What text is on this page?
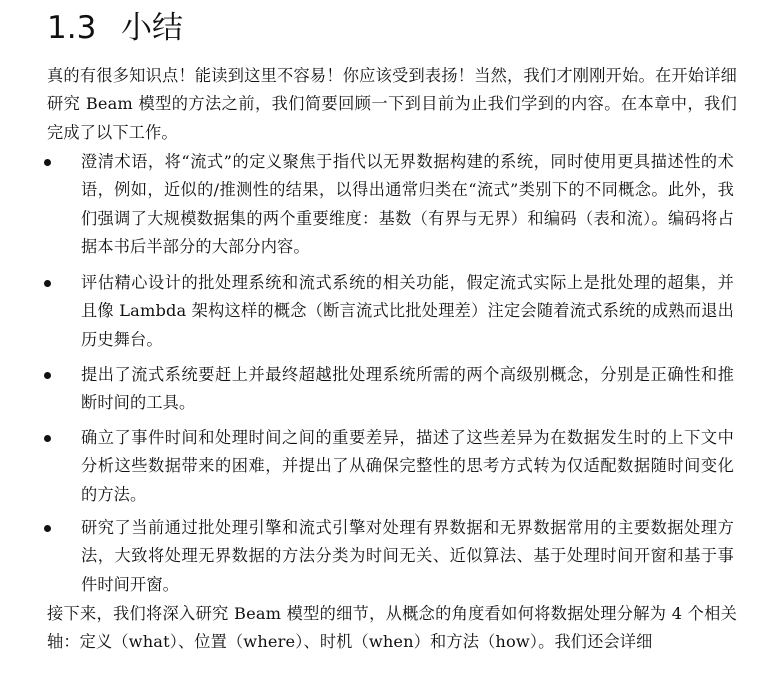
1.3 小结

真的有很多知识点！能读到这里不容易！你应该受到表扬！当然，我们才刚刚开始。在开始详细研究 Beam 模型的方法之前，我们简要回顾一下到目前为止我们学到的内容。在本章中，我们完成了以下工作。

澄清术语，将“流式”的定义聚焦于指代以无界数据构建的系统，同时使用更具描述性的术语，例如，近似的/推测性的结果，以得出通常归类在“流式”类别下的不同概念。此外，我们强调了大规模数据集的两个重要维度：基数（有界与无界）和编码（表和流）。编码将占据本书后半部分的大部分内容。

评估精心设计的批处理系统和流式系统的相关功能，假定流式实际上是批处理的超集，并且像 Lambda 架构这样的概念（断言流式比批处理差）注定会随着流式系统的成熟而退出历史舞台。

提出了流式系统要赶上并最终超越批处理系统所需的两个高级别概念，分别是正确性和推断时间的工具。

确立了事件时间和处理时间之间的重要差异，描述了这些差异为在数据发生时的上下文中分析这些数据带来的困难，并提出了从确保完整性的思考方式转为仅适配数据随时间变化的方法。

研究了当前通过批处理引擎和流式引擎对处理有界数据和无界数据常用的主要数据处理方法，大致将处理无界数据的方法分类为时间无关、近似算法、基于处理时间开窗和基于事件时间开窗。

接下来，我们将深入研究 Beam 模型的细节，从概念的角度看如何将数据处理分解为 4 个相关轴：定义（what）、位置（where）、时机（when）和方法（how）。我们还会详细
